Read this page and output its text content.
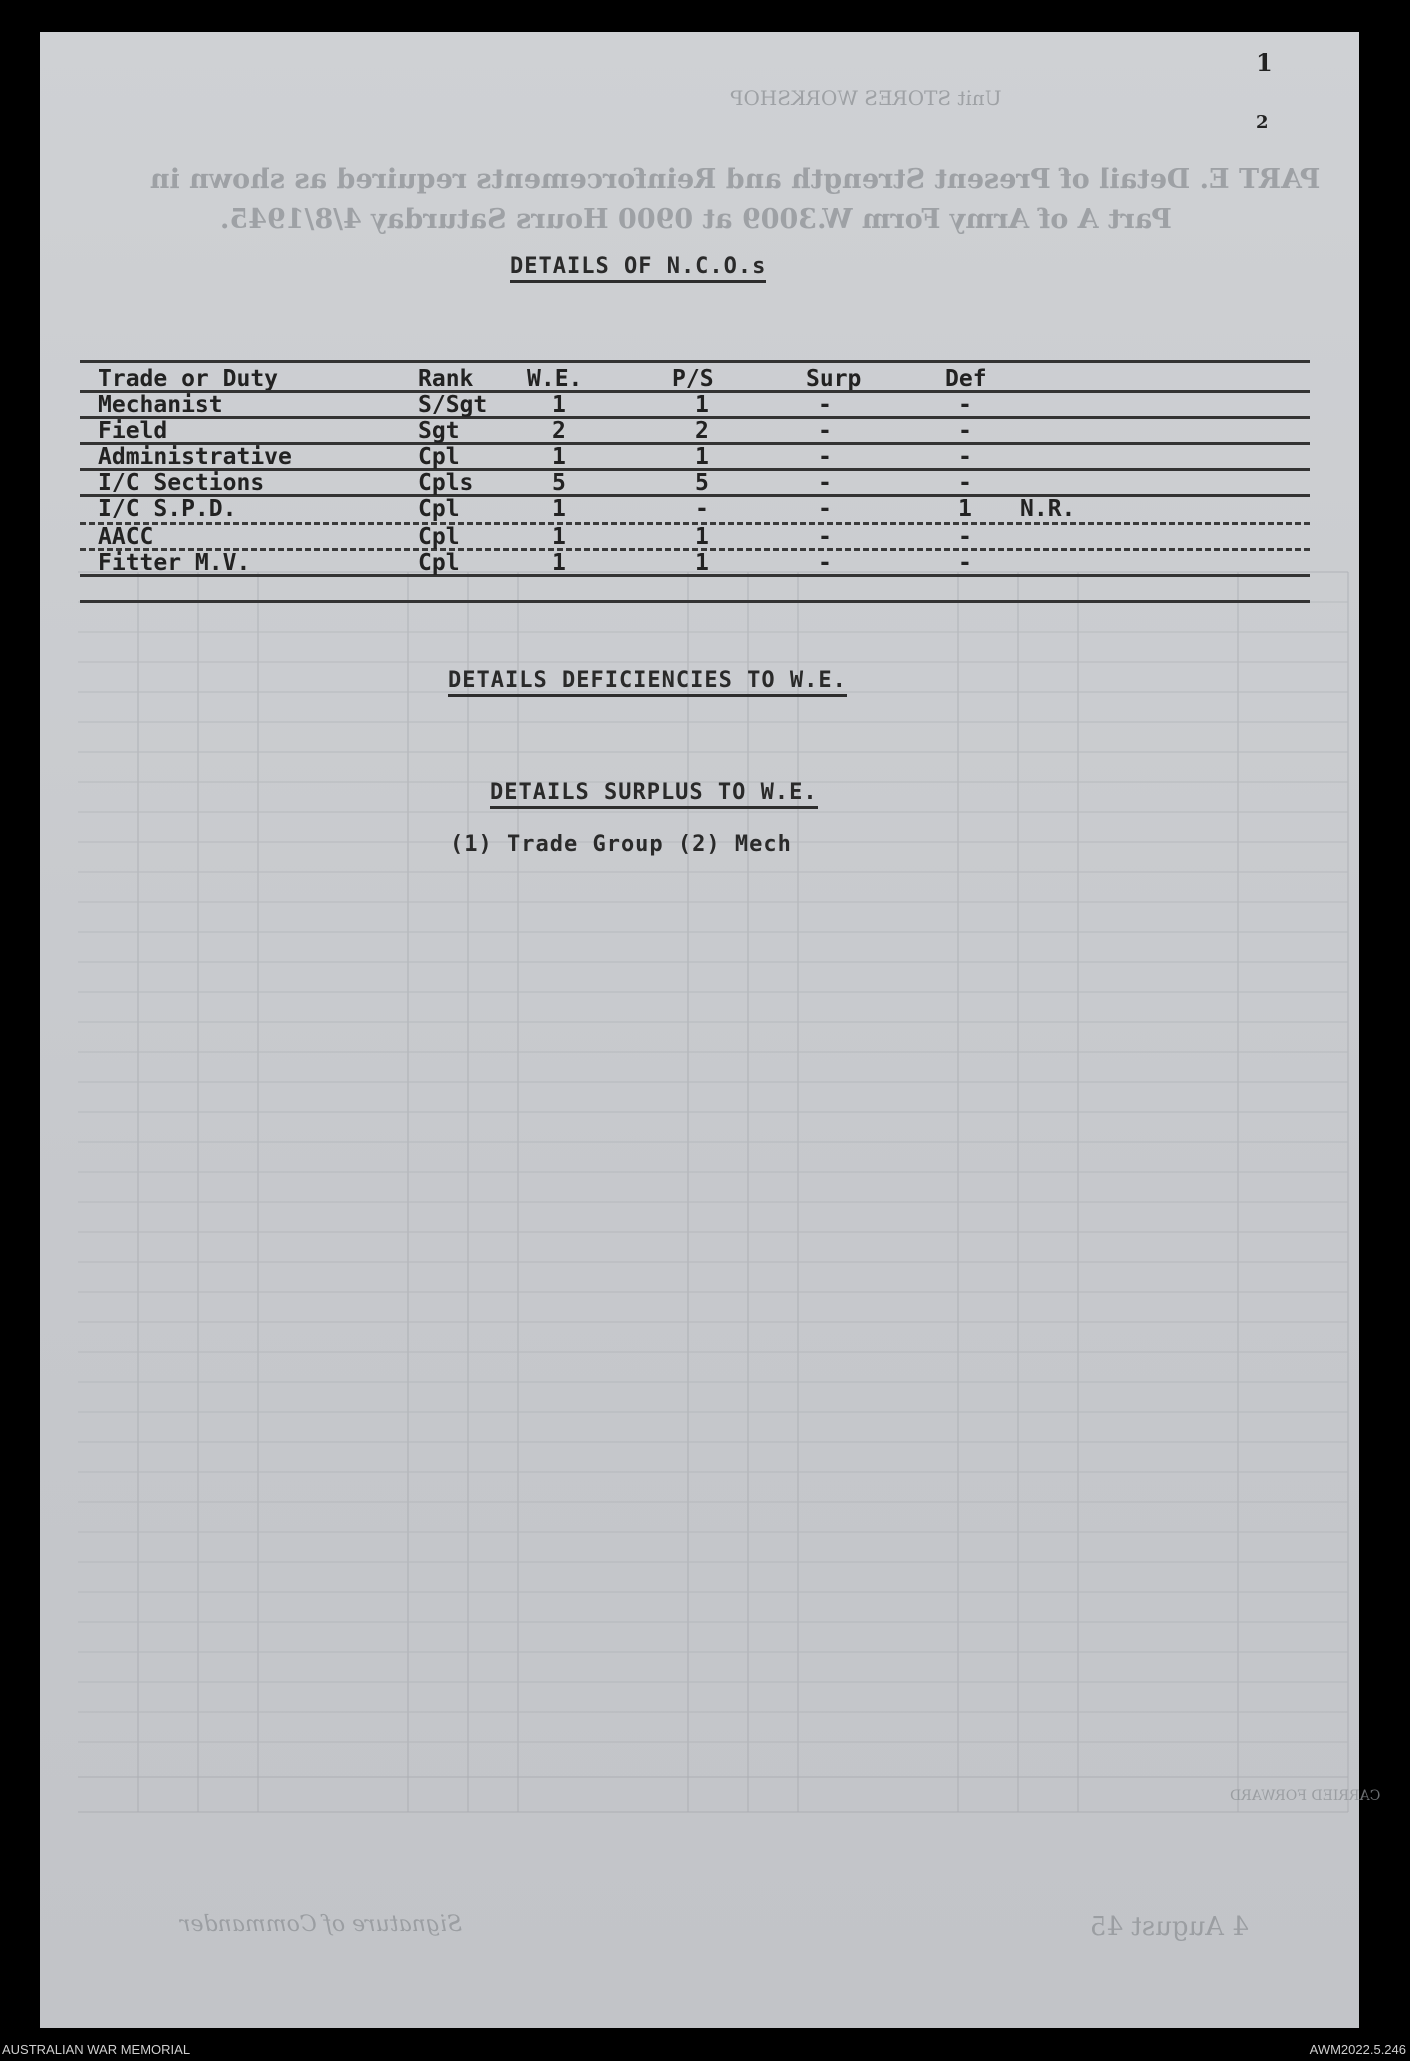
PART E. Detail of Present Strength and Reinforcements required as shown in
Part A of Army Form W.3009 at 0900 Hours Saturday 4/8/1945.
Unit STORES WORKSHOP
CARRIED FORWARD
4 August 45
Signature of Commander
1
2
DETAILS OF N.C.O.s
Trade or Duty	Rank W.E.	P/S	Surp	Def
Mechanist	S/Sgt	1	1	-	-
Field	Sgt	2	2	-	-
Administrative	Cpl	1	1	-	-
I/C Sections	Cpls	5	5	-	-
I/C S.P.D.	Cpl	1	-	-	1 N.R.
AACC	Cpl	1	1	-	-
Fitter M.V.	Cpl	1	1	-	-
DETAILS DEFICIENCIES TO W.E.
DETAILS SURPLUS TO W.E.
(1) Trade Group (2) Mech
AUSTRALIAN WAR MEMORIAL	AWM2022.5.246
